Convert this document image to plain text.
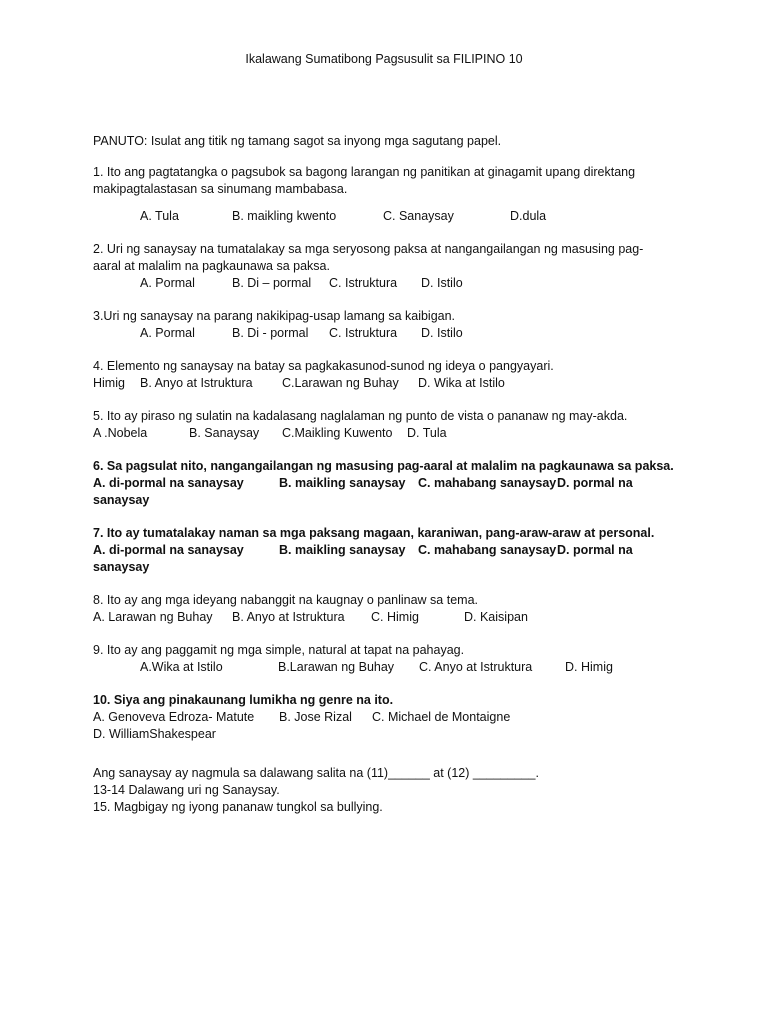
Ikalawang Sumatibong Pagsusulit sa FILIPINO 10
PANUTO: Isulat ang titik ng tamang sagot sa inyong mga sagutang papel.
1. Ito ang pagtatangka o pagsubok sa bagong larangan ng panitikan at ginagamit upang direktang
makipagtalastasan sa sinumang mambabasa.
A. Tula	B. maikling kwento	C. Sanaysay	D.dula
2. Uri ng sanaysay na tumatalakay sa mga seryosong paksa at nangangailangan ng masusing pag-
aaral at malalim na pagkaunawa sa paksa.
A. Pormal	B. Di – pormal C. Istruktura D. Istilo
3.Uri ng sanaysay na parang nakikipag-usap lamang sa kaibigan.
A. Pormal	B. Di - pormal C. Istruktura D. Istilo
4. Elemento ng sanaysay na batay sa pagkakasunod-sunod ng ideya o pangyayari.
Himig B. Anyo at Istruktura C.Larawan ng Buhay D. Wika at Istilo
5. Ito ay piraso ng sulatin na kadalasang naglalaman ng punto de vista o pananaw ng may-akda.
A .Nobela	B. Sanaysay C.Maikling Kuwento D. Tula
6. Sa pagsulat nito, nangangailangan ng masusing pag-aaral at malalim na pagkaunawa sa paksa.
A. di-pormal na sanaysay	B. maikling sanaysay C. mahabang sanaysayD. pormal na
sanaysay
7. Ito ay tumatalakay naman sa mga paksang magaan, karaniwan, pang-araw-araw at personal.
A. di-pormal na sanaysay	B. maikling sanaysay C. mahabang sanaysayD. pormal na
sanaysay
8. Ito ay ang mga ideyang nabanggit na kaugnay o panlinaw sa tema.
A. Larawan ng Buhay B. Anyo at Istruktura C. Himig	D. Kaisipan
9. Ito ay ang paggamit ng mga simple, natural at tapat na pahayag.
A.Wika at Istilo	B.Larawan ng Buhay C. Anyo at Istruktura	D. Himig
10. Siya ang pinakaunang lumikha ng genre na ito.
A. Genoveva Edroza- Matute B. Jose Rizal C. Michael de Montaigne
D. WilliamShakespear
Ang sanaysay ay nagmula sa dalawang salita na (11)______ at (12) _________.
13-14 Dalawang uri ng Sanaysay.
15. Magbigay ng iyong pananaw tungkol sa bullying.
